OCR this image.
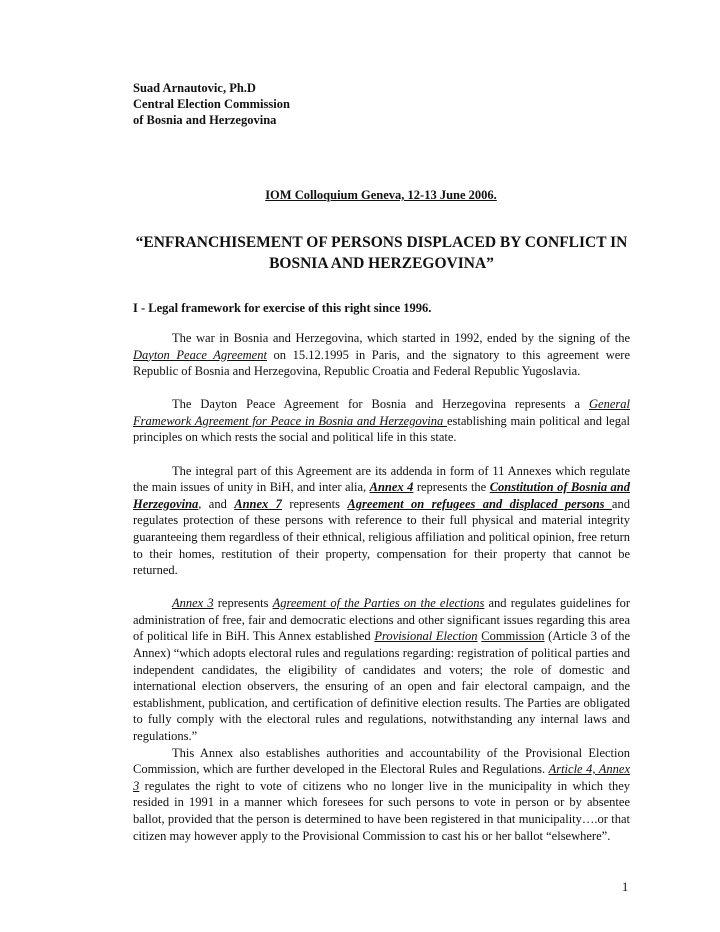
Suad Arnautovic, Ph.D
Central Election Commission
of Bosnia and Herzegovina
IOM Colloquium Geneva, 12-13 June 2006.
“ENFRANCHISEMENT OF PERSONS DISPLACED BY CONFLICT IN BOSNIA AND HERZEGOVINA”
I - Legal framework for exercise of this right since 1996.

The war in Bosnia and Herzegovina, which started in 1992, ended by the signing of the Dayton Peace Agreement on 15.12.1995 in Paris, and the signatory to this agreement were Republic of Bosnia and Herzegovina, Republic Croatia and Federal Republic Yugoslavia.

The Dayton Peace Agreement for Bosnia and Herzegovina represents a General Framework Agreement for Peace in Bosnia and Herzegovina establishing main political and legal principles on which rests the social and political life in this state.

The integral part of this Agreement are its addenda in form of 11 Annexes which regulate the main issues of unity in BiH, and inter alia, Annex 4 represents the Constitution of Bosnia and Herzegovina, and Annex 7 represents Agreement on refugees and displaced persons and regulates protection of these persons with reference to their full physical and material integrity guaranteeing them regardless of their ethnical, religious affiliation and political opinion, free return to their homes, restitution of their property, compensation for their property that cannot be returned.

Annex 3 represents Agreement of the Parties on the elections and regulates guidelines for administration of free, fair and democratic elections and other significant issues regarding this area of political life in BiH. This Annex established Provisional Election Commission (Article 3 of the Annex) “which adopts electoral rules and regulations regarding: registration of political parties and independent candidates, the eligibility of candidates and voters; the role of domestic and international election observers, the ensuring of an open and fair electoral campaign, and the establishment, publication, and certification of definitive election results. The Parties are obligated to fully comply with the electoral rules and regulations, notwithstanding any internal laws and regulations.”

This Annex also establishes authorities and accountability of the Provisional Election Commission, which are further developed in the Electoral Rules and Regulations. Article 4, Annex 3 regulates the right to vote of citizens who no longer live in the municipality in which they resided in 1991 in a manner which foresees for such persons to vote in person or by absentee ballot, provided that the person is determined to have been registered in that municipality….or that citizen may however apply to the Provisional Commission to cast his or her ballot “elsewhere”.

1
